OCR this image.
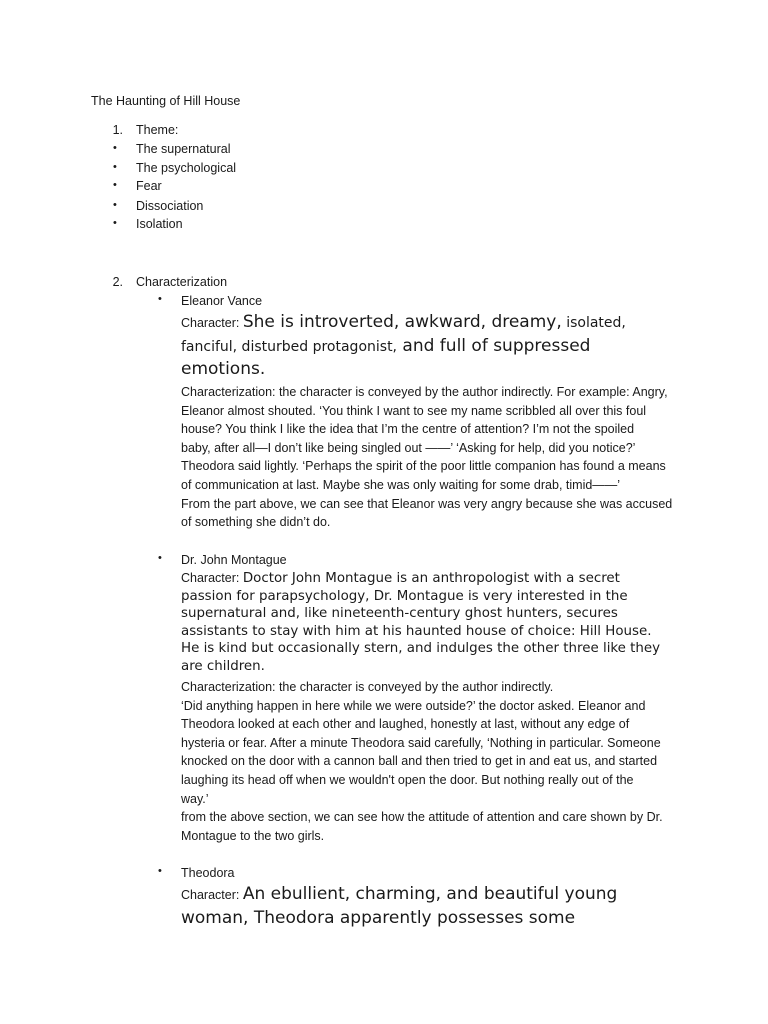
The Haunting of Hill House
1. Theme:
•	The supernatural
•	The psychological
•	Fear
•	Dissociation
•	Isolation
2. Characterization
•	Eleanor Vance
Character: She is introverted, awkward, dreamy, isolated,
fanciful, disturbed protagonist, and full of suppressed
emotions.
Characterization: the character is conveyed by the author indirectly. For example: Angry,
Eleanor almost shouted. ‘You think I want to see my name scribbled all over this foul
house? You think I like the idea that I’m the centre of attention? I’m not the spoiled
baby, after all—I don’t like being singled out ——’ ‘Asking for help, did you notice?’
Theodora said lightly. ‘Perhaps the spirit of the poor little companion has found a means
of communication at last. Maybe she was only waiting for some drab, timid——’
From the part above, we can see that Eleanor was very angry because she was accused
of something she didn’t do.
•	Dr. John Montague
Character: Doctor John Montague is an anthropologist with a secret
passion for parapsychology, Dr. Montague is very interested in the
supernatural and, like nineteenth-century ghost hunters, secures
assistants to stay with him at his haunted house of choice: Hill House.
He is kind but occasionally stern, and indulges the other three like they
are children.
Characterization: the character is conveyed by the author indirectly.
‘Did anything happen in here while we were outside?’ the doctor asked. Eleanor and
Theodora looked at each other and laughed, honestly at last, without any edge of
hysteria or fear. After a minute Theodora said carefully, ‘Nothing in particular. Someone
knocked on the door with a cannon ball and then tried to get in and eat us, and started
laughing its head off when we wouldn't open the door. But nothing really out of the
way.’
from the above section, we can see how the attitude of attention and care shown by Dr.
Montague to the two girls.
•	Theodora
Character: An ebullient, charming, and beautiful young
woman, Theodora apparently possesses some
